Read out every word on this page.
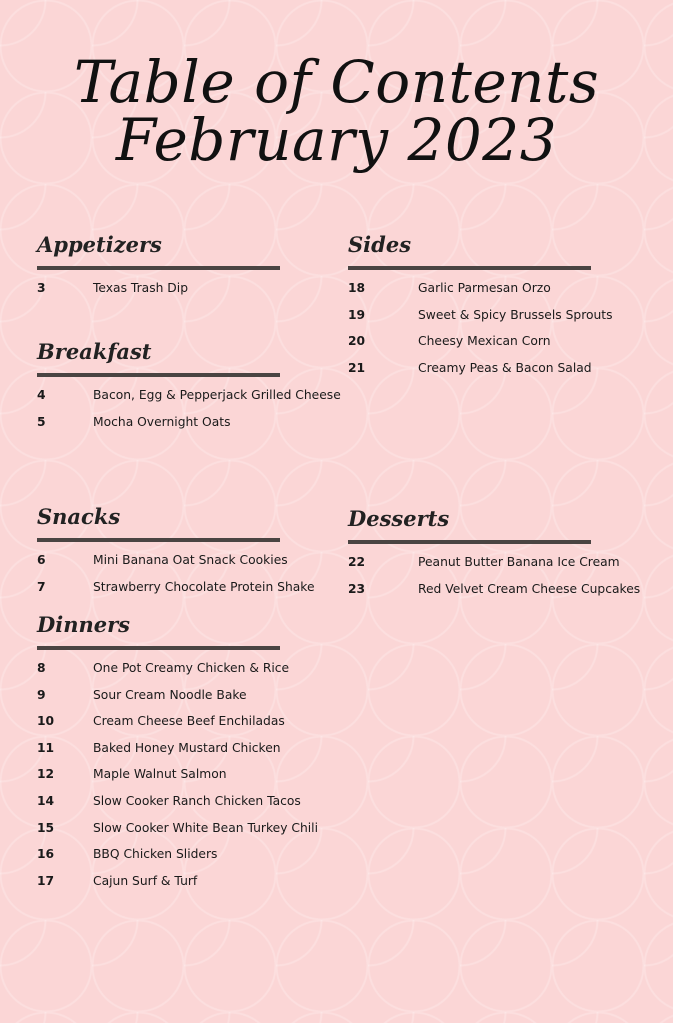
Table of Contents
February 2023
Appetizers
3	Texas Trash Dip
Breakfast
4	Bacon, Egg & Pepperjack Grilled Cheese
5	Mocha Overnight Oats
Sides
18	Garlic Parmesan Orzo
19	Sweet & Spicy Brussels Sprouts
20	Cheesy Mexican Corn
21	Creamy Peas & Bacon Salad
Snacks
6	Mini Banana Oat Snack Cookies
7	Strawberry Chocolate Protein Shake
Desserts
22	Peanut Butter Banana Ice Cream
23	Red Velvet Cream Cheese Cupcakes
Dinners
8	One Pot Creamy Chicken & Rice
9	Sour Cream Noodle Bake
10	Cream Cheese Beef Enchiladas
11	Baked Honey Mustard Chicken
12	Maple Walnut Salmon
14	Slow Cooker Ranch Chicken Tacos
15	Slow Cooker White Bean Turkey Chili
16	BBQ Chicken Sliders
17	Cajun Surf & Turf
